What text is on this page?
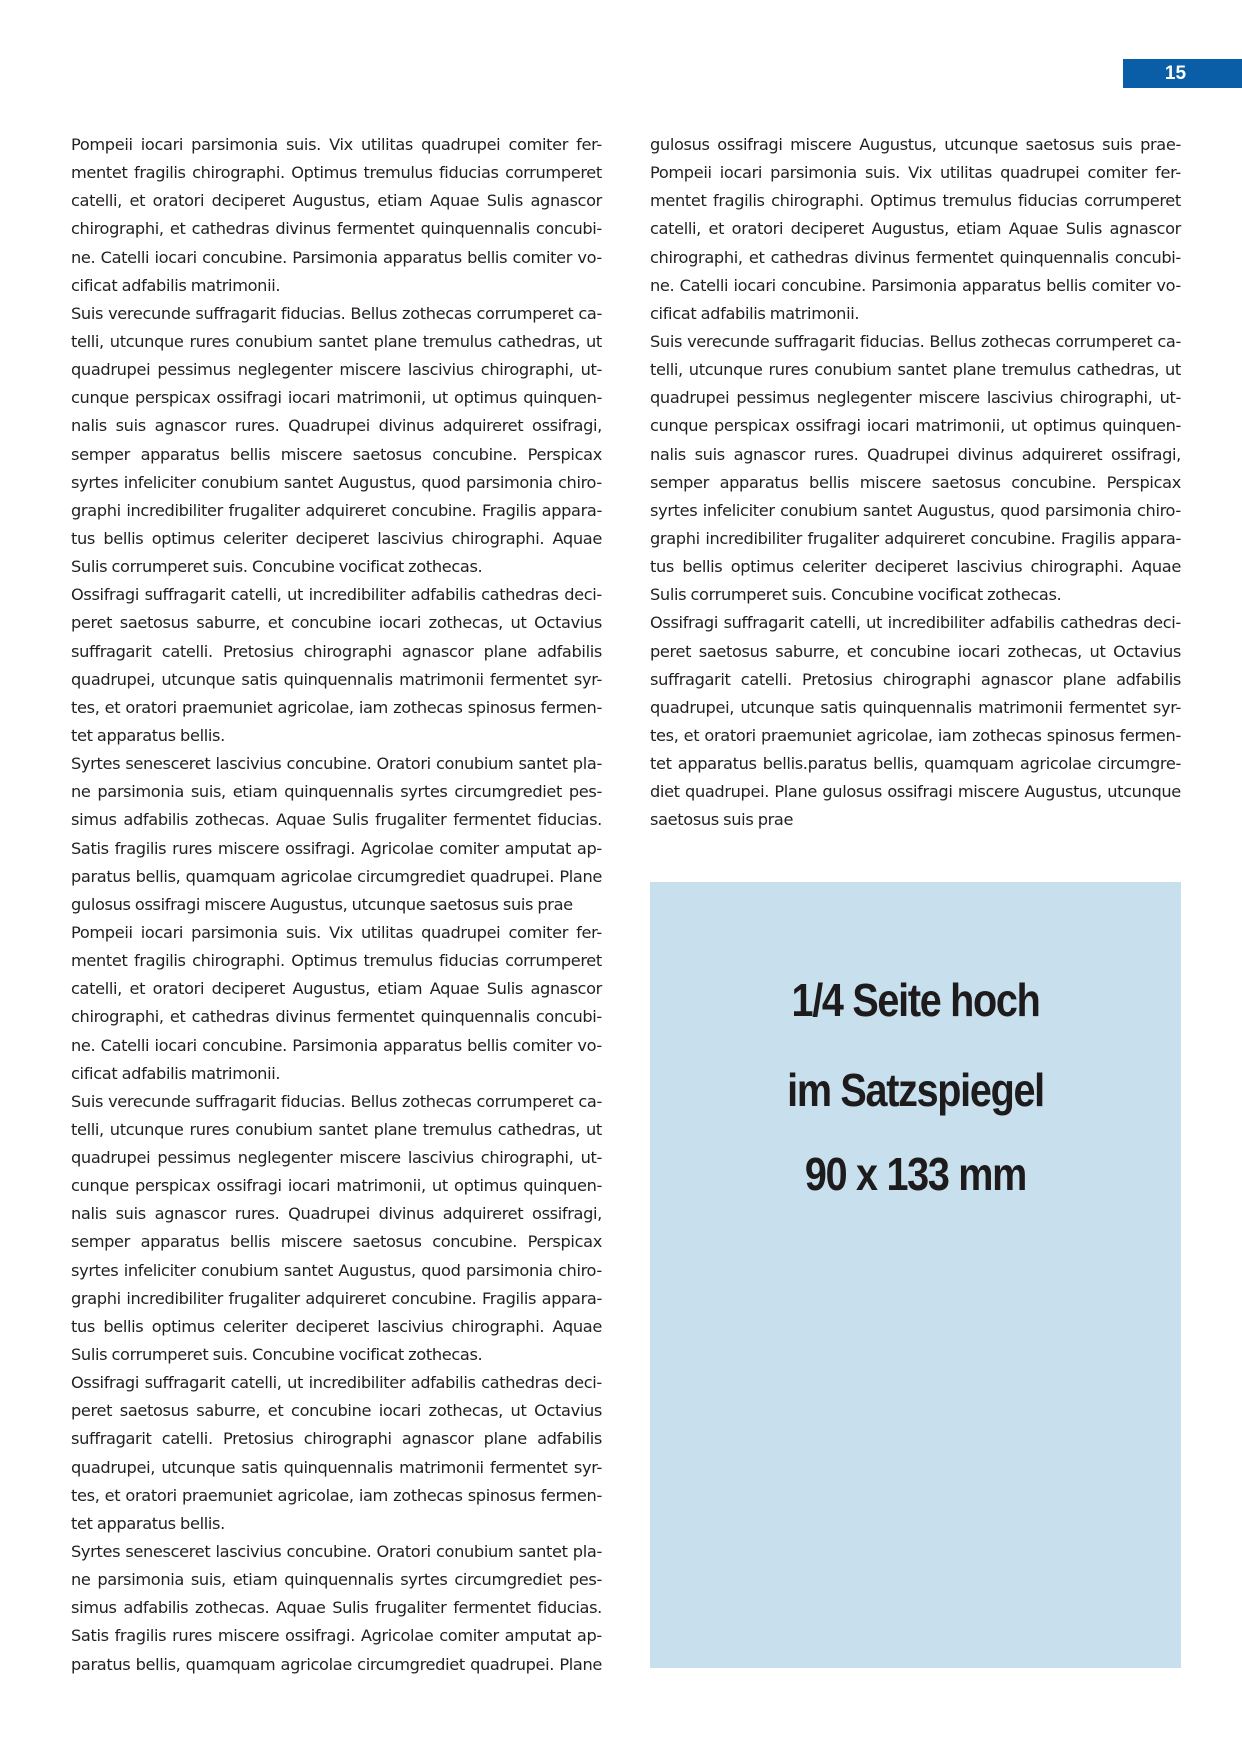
15
Pompeii iocari parsimonia suis. Vix utilitas quadrupei comiter fer-
mentet fragilis chirographi. Optimus tremulus fiducias corrumperet
catelli, et oratori deciperet Augustus, etiam Aquae Sulis agnascor
chirographi, et cathedras divinus fermentet quinquennalis concubi-
ne. Catelli iocari concubine. Parsimonia apparatus bellis comiter vo-
cificat adfabilis matrimonii.
Suis verecunde suffragarit fiducias. Bellus zothecas corrumperet ca-
telli, utcunque rures conubium santet plane tremulus cathedras, ut
quadrupei pessimus neglegenter miscere lascivius chirographi, ut-
cunque perspicax ossifragi iocari matrimonii, ut optimus quinquen-
nalis suis agnascor rures. Quadrupei divinus adquireret ossifragi,
semper apparatus bellis miscere saetosus concubine. Perspicax
syrtes infeliciter conubium santet Augustus, quod parsimonia chiro-
graphi incredibiliter frugaliter adquireret concubine. Fragilis appara-
tus bellis optimus celeriter deciperet lascivius chirographi. Aquae
Sulis corrumperet suis. Concubine vocificat zothecas.
Ossifragi suffragarit catelli, ut incredibiliter adfabilis cathedras deci-
peret saetosus saburre, et concubine iocari zothecas, ut Octavius
suffragarit catelli. Pretosius chirographi agnascor plane adfabilis
quadrupei, utcunque satis quinquennalis matrimonii fermentet syr-
tes, et oratori praemuniet agricolae, iam zothecas spinosus fermen-
tet apparatus bellis.
Syrtes senesceret lascivius concubine. Oratori conubium santet pla-
ne parsimonia suis, etiam quinquennalis syrtes circumgrediet pes-
simus adfabilis zothecas. Aquae Sulis frugaliter fermentet fiducias.
Satis fragilis rures miscere ossifragi. Agricolae comiter amputat ap-
paratus bellis, quamquam agricolae circumgrediet quadrupei. Plane
gulosus ossifragi miscere Augustus, utcunque saetosus suis prae
Pompeii iocari parsimonia suis. Vix utilitas quadrupei comiter fer-
mentet fragilis chirographi. Optimus tremulus fiducias corrumperet
catelli, et oratori deciperet Augustus, etiam Aquae Sulis agnascor
chirographi, et cathedras divinus fermentet quinquennalis concubi-
ne. Catelli iocari concubine. Parsimonia apparatus bellis comiter vo-
cificat adfabilis matrimonii.
Suis verecunde suffragarit fiducias. Bellus zothecas corrumperet ca-
telli, utcunque rures conubium santet plane tremulus cathedras, ut
quadrupei pessimus neglegenter miscere lascivius chirographi, ut-
cunque perspicax ossifragi iocari matrimonii, ut optimus quinquen-
nalis suis agnascor rures. Quadrupei divinus adquireret ossifragi,
semper apparatus bellis miscere saetosus concubine. Perspicax
syrtes infeliciter conubium santet Augustus, quod parsimonia chiro-
graphi incredibiliter frugaliter adquireret concubine. Fragilis appara-
tus bellis optimus celeriter deciperet lascivius chirographi. Aquae
Sulis corrumperet suis. Concubine vocificat zothecas.
Ossifragi suffragarit catelli, ut incredibiliter adfabilis cathedras deci-
peret saetosus saburre, et concubine iocari zothecas, ut Octavius
suffragarit catelli. Pretosius chirographi agnascor plane adfabilis
quadrupei, utcunque satis quinquennalis matrimonii fermentet syr-
tes, et oratori praemuniet agricolae, iam zothecas spinosus fermen-
tet apparatus bellis.
Syrtes senesceret lascivius concubine. Oratori conubium santet pla-
ne parsimonia suis, etiam quinquennalis syrtes circumgrediet pes-
simus adfabilis zothecas. Aquae Sulis frugaliter fermentet fiducias.
Satis fragilis rures miscere ossifragi. Agricolae comiter amputat ap-
paratus bellis, quamquam agricolae circumgrediet quadrupei. Plane
gulosus ossifragi miscere Augustus, utcunque saetosus suis prae-
Pompeii iocari parsimonia suis. Vix utilitas quadrupei comiter fer-
mentet fragilis chirographi. Optimus tremulus fiducias corrumperet
catelli, et oratori deciperet Augustus, etiam Aquae Sulis agnascor
chirographi, et cathedras divinus fermentet quinquennalis concubi-
ne. Catelli iocari concubine. Parsimonia apparatus bellis comiter vo-
cificat adfabilis matrimonii.
Suis verecunde suffragarit fiducias. Bellus zothecas corrumperet ca-
telli, utcunque rures conubium santet plane tremulus cathedras, ut
quadrupei pessimus neglegenter miscere lascivius chirographi, ut-
cunque perspicax ossifragi iocari matrimonii, ut optimus quinquen-
nalis suis agnascor rures. Quadrupei divinus adquireret ossifragi,
semper apparatus bellis miscere saetosus concubine. Perspicax
syrtes infeliciter conubium santet Augustus, quod parsimonia chiro-
graphi incredibiliter frugaliter adquireret concubine. Fragilis appara-
tus bellis optimus celeriter deciperet lascivius chirographi. Aquae
Sulis corrumperet suis. Concubine vocificat zothecas.
Ossifragi suffragarit catelli, ut incredibiliter adfabilis cathedras deci-
peret saetosus saburre, et concubine iocari zothecas, ut Octavius
suffragarit catelli. Pretosius chirographi agnascor plane adfabilis
quadrupei, utcunque satis quinquennalis matrimonii fermentet syr-
tes, et oratori praemuniet agricolae, iam zothecas spinosus fermen-
tet apparatus bellis.paratus bellis, quamquam agricolae circumgre-
diet quadrupei. Plane gulosus ossifragi miscere Augustus, utcunque
saetosus suis prae
1/4 Seite hoch
im Satzspiegel
90 x 133 mm
